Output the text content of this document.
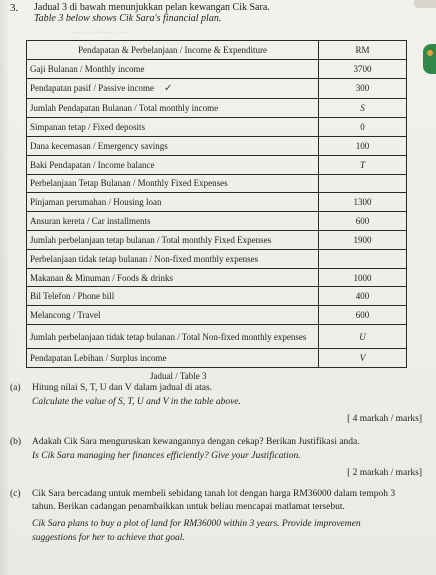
~ ~ ~ ~ ~ ~ ~ ~ ~ ~
3. Jadual 3 di bawah menunjukkan pelan kewangan Cik Sara.
Table 3 below shows Cik Sara's financial plan.
Pendapatan & Perbelanjaan / Income & Expenditure	RM
Gaji Bulanan / Monthly income	3700
Pendapatan pasif / Passive income ✓	300
Jumlah Pendapatan Bulanan / Total monthly income	S
Simpanan tetap / Fixed deposits	0
Dana kecemasan / Emergency savings	100
Baki Pendapatan / Income balance	T
Perbelanjaan Tetap Bulanan / Monthly Fixed Expenses	
Pinjaman perumahan / Housing loan	1300
Ansuran kereta / Car installments	600
Jumlah perbelanjaan tetap bulanan / Total monthly Fixed Expenses	1900
Perbelanjaan tidak tetap bulanan / Non-fixed monthly expenses	
Makanan & Minuman / Foods & drinks	1000
Bil Telefon / Phone bill	400
Melancong / Travel	600
Jumlah perbelanjaan tidak tetap bulanan / Total Non-fixed monthly expenses	U
Pendapatan Lebihan / Surplus income	V
Jadual / Table 3
(a) Hitung nilai S, T, U dan V dalam jadual di atas.
Calculate the value of S, T, U and V in the table above.
[ 4 markah / marks]
(b) Adakah Cik Sara menguruskan kewangannya dengan cekap? Berikan Justifikasi anda.
Is Cik Sara managing her finances efficiently? Give your Justification.
[ 2 markah / marks]
(c) Cik Sara bercadang untuk membeli sebidang tanah lot dengan harga RM36000 dalam tempoh 3
tahun. Berikan cadangan penambaikkan untuk beliau mencapai matlamat tersebut.
Cik Sara plans to buy a plot of land for RM36000 within 3 years. Provide improvemen
suggestions for her to achieve that goal.
